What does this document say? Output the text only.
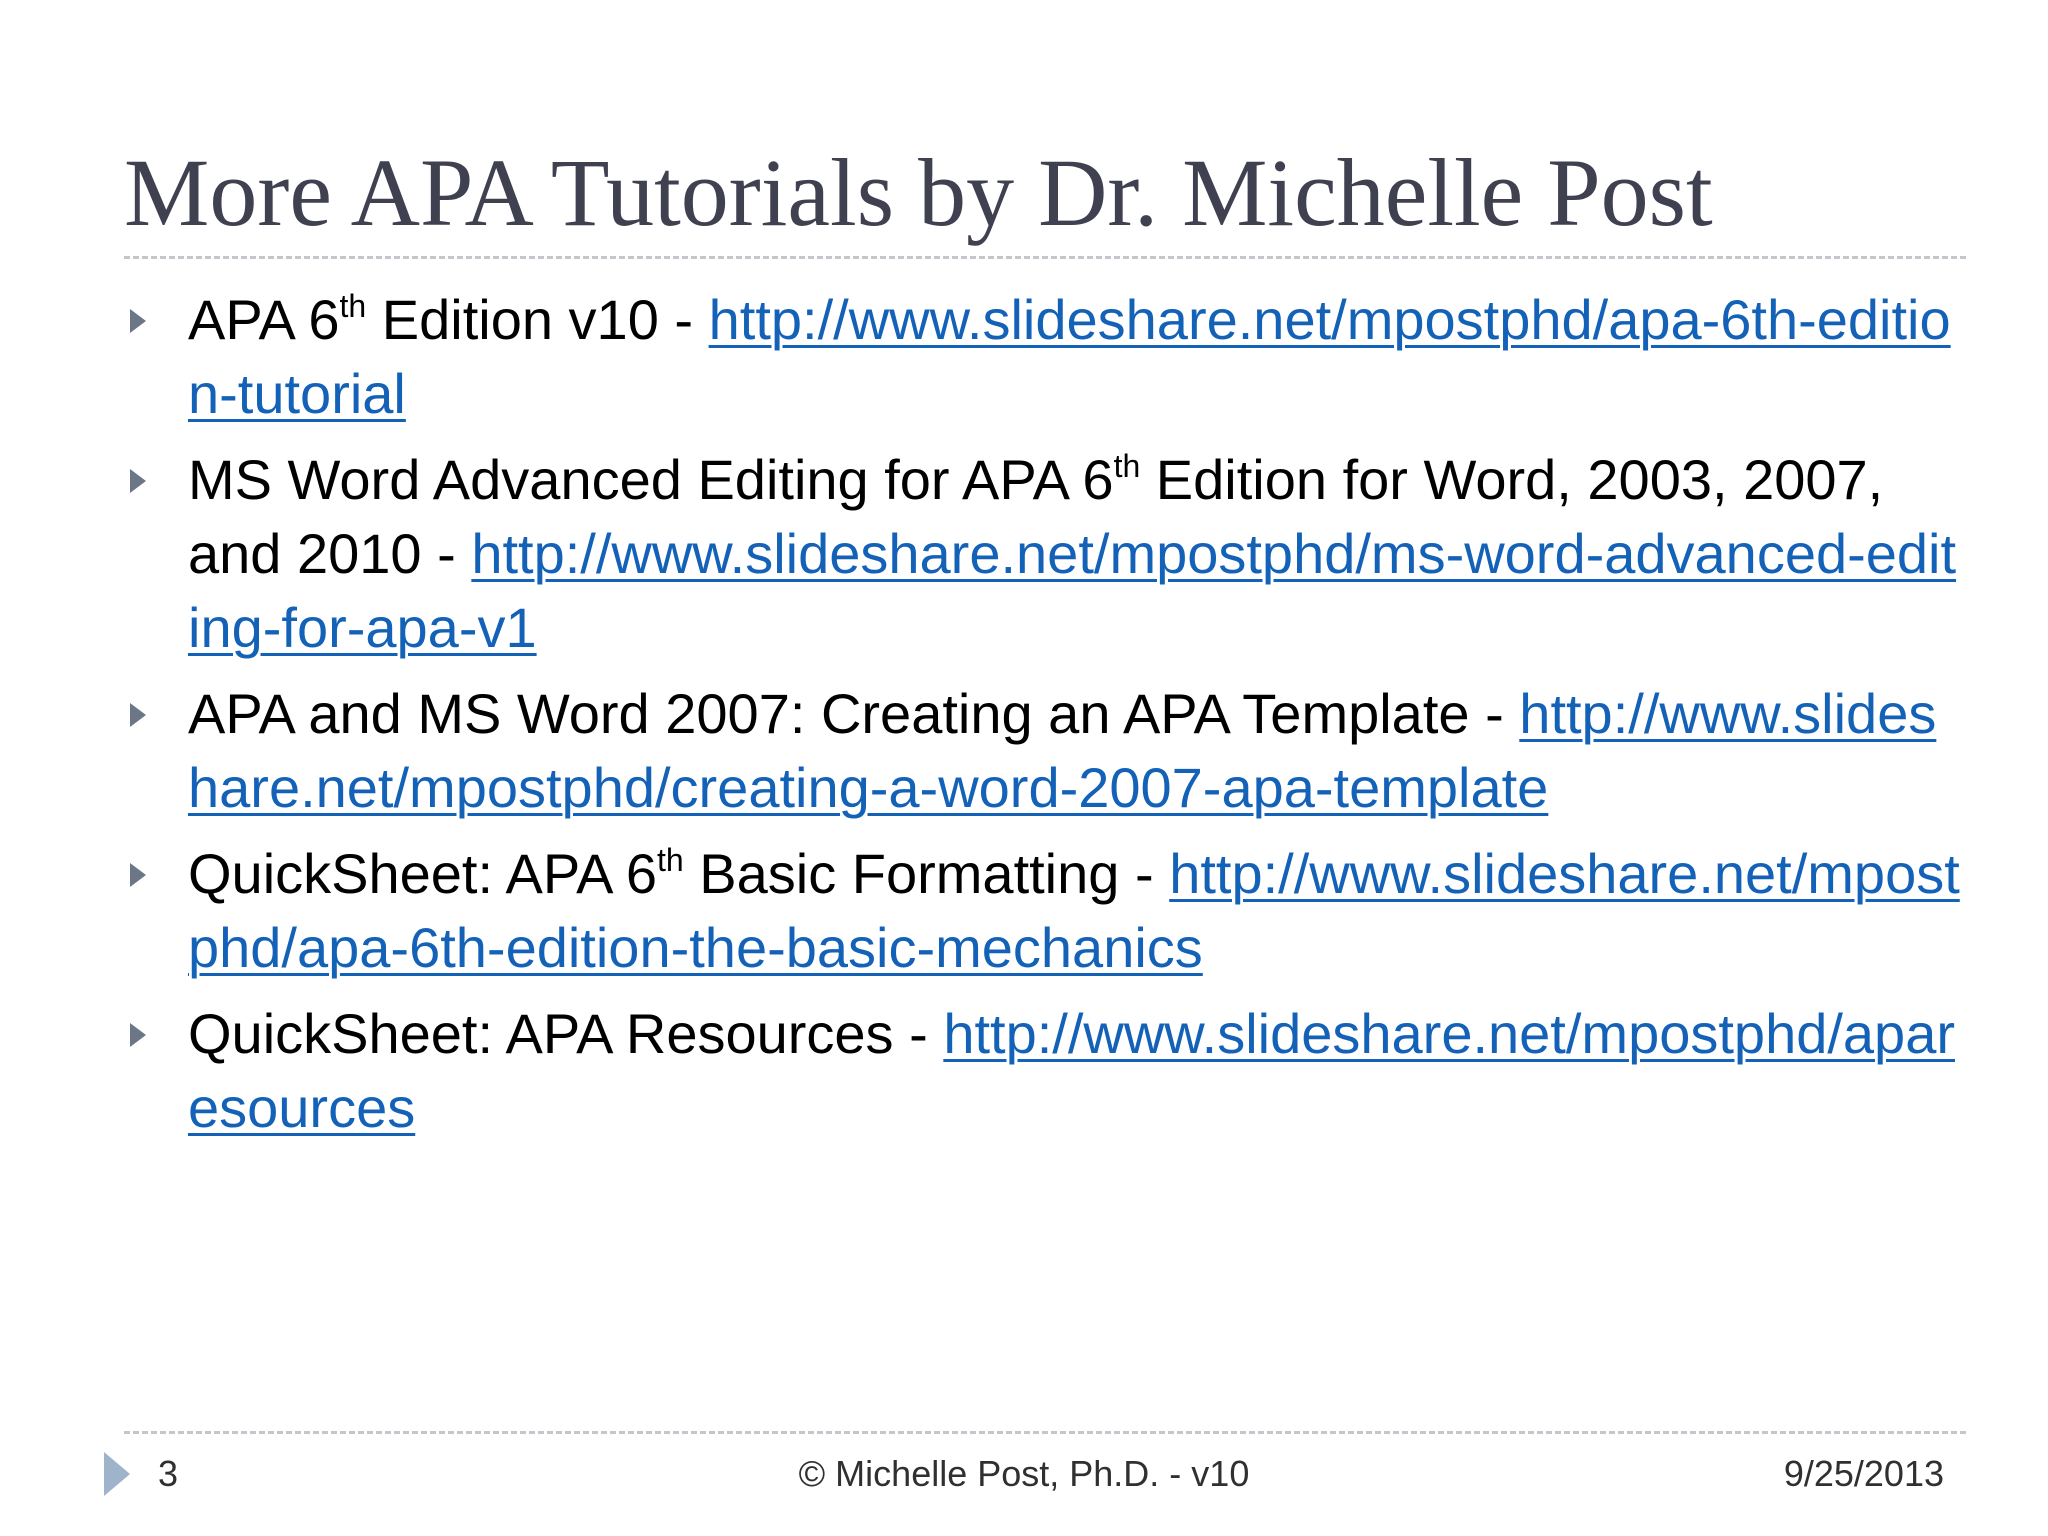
More APA Tutorials by Dr. Michelle Post
APA 6th Edition v10 - http://www.slideshare.net/mpostphd/apa-6th-edition-tutorial
MS Word Advanced Editing for APA 6th Edition for Word, 2003, 2007, and 2010 - http://www.slideshare.net/mpostphd/ms-word-advanced-editing-for-apa-v1
APA and MS Word 2007: Creating an APA Template - http://www.slideshare.net/mpostphd/creating-a-word-2007-apa-template
QuickSheet: APA 6th Basic Formatting - http://www.slideshare.net/mpostphd/apa-6th-edition-the-basic-mechanics
QuickSheet: APA Resources - http://www.slideshare.net/mpostphd/aparesources
3	© Michelle Post, Ph.D. - v10	9/25/2013
